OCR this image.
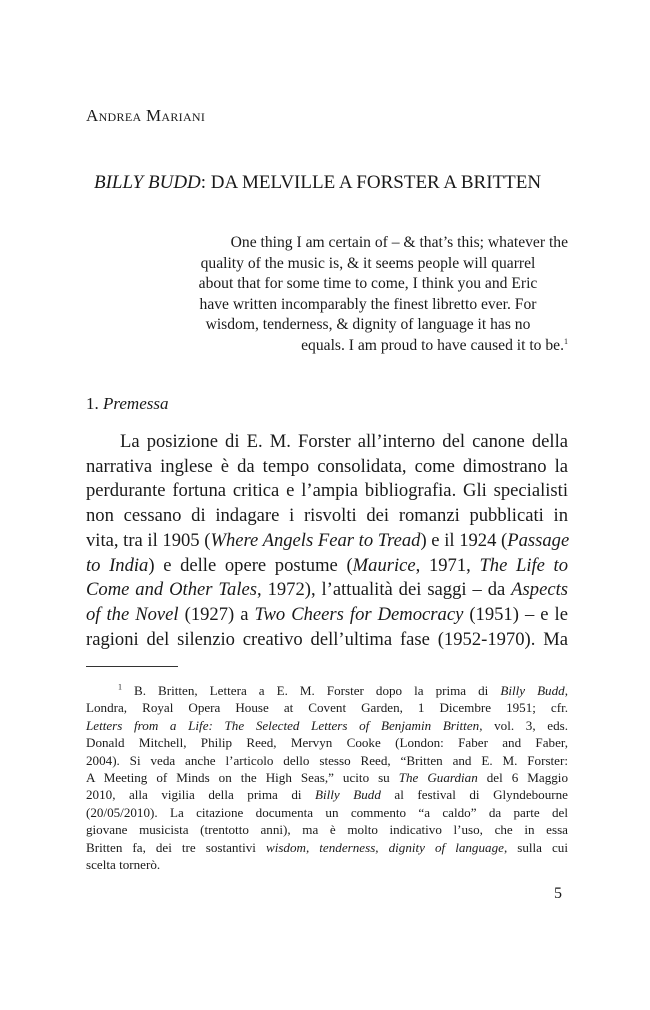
Andrea Mariani
BILLY BUDD: DA MELVILLE A FORSTER A BRITTEN
One thing I am certain of – & that’s this; whatever the
quality of the music is, & it seems people will quarrel
about that for some time to come, I think you and Eric
have written incomparably the finest libretto ever. For
wisdom, tenderness, & dignity of language it has no
equals. I am proud to have caused it to be.$^1$
1. Premessa

La posizione di E. M. Forster all’interno del canone della
narrativa inglese è da tempo consolidata, come dimostrano la
perdurante fortuna critica e l’ampia bibliografia. Gli specialisti
non cessano di indagare i risvolti dei romanzi pubblicati in
vita, tra il 1905 (Where Angels Fear to Tread) e il 1924 (Passage
to India) e delle opere postume (Maurice, 1971, The Life to
Come and Other Tales, 1972), l’attualità dei saggi – da Aspects
of the Novel (1927) a Two Cheers for Democracy (1951) – e le
ragioni del silenzio creativo dell’ultima fase (1952-1970). Ma

$^1$ B. Britten, Lettera a E. M. Forster dopo la prima di Billy Budd,
Londra, Royal Opera House at Covent Garden, 1 Dicembre 1951; cfr.
Letters from a Life: The Selected Letters of Benjamin Britten, vol. 3, eds.
Donald Mitchell, Philip Reed, Mervyn Cooke (London: Faber and Faber,
2004). Si veda anche l’articolo dello stesso Reed, “Britten and E. M. Forster:
A Meeting of Minds on the High Seas,” ucito su The Guardian del 6 Maggio
2010, alla vigilia della prima di Billy Budd al festival di Glyndebourne
(20/05/2010). La citazione documenta un commento “a caldo” da parte del
giovane musicista (trentotto anni), ma è molto indicativo l’uso, che in essa
Britten fa, dei tre sostantivi wisdom, tenderness, dignity of language, sulla cui
scelta tornerò.

5
